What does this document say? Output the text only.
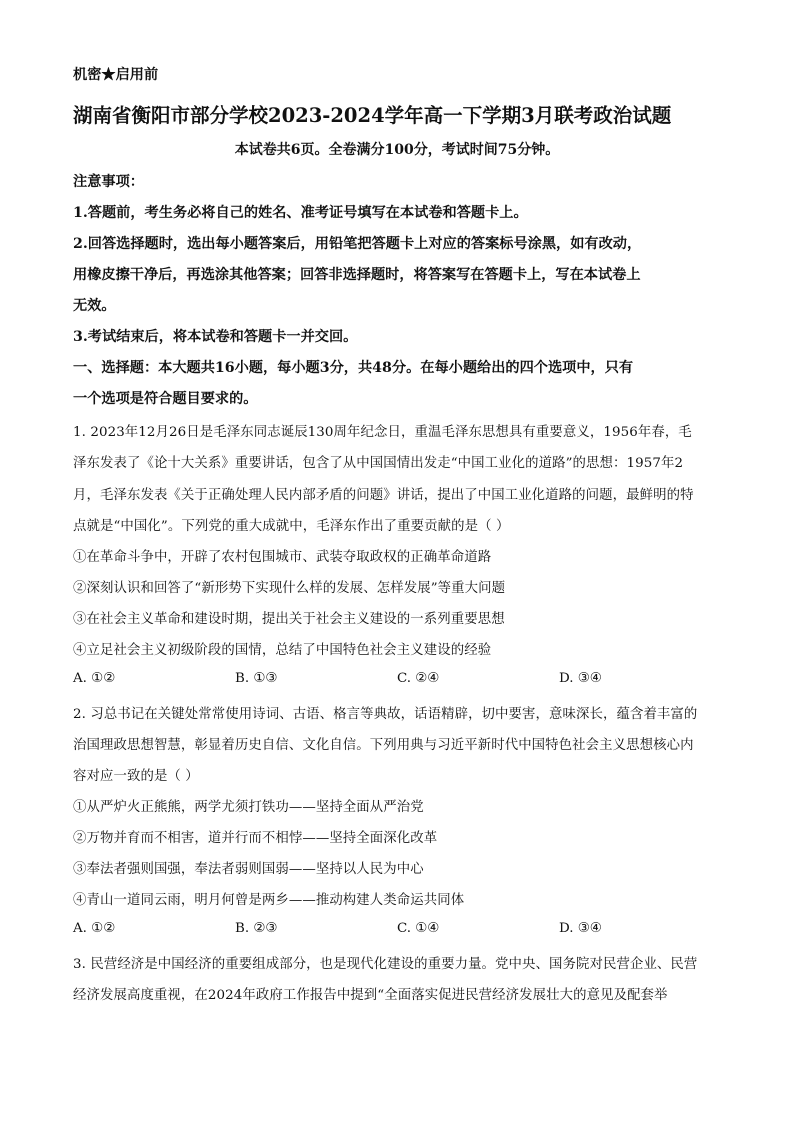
机密★启用前
湖南省衡阳市部分学校2023-2024学年高一下学期3月联考政治试题
本试卷共6页。全卷满分100分，考试时间75分钟。
注意事项：
1.答题前，考生务必将自己的姓名、准考证号填写在本试卷和答题卡上。
2.回答选择题时，选出每小题答案后，用铅笔把答题卡上对应的答案标号涂黑，如有改动，
用橡皮擦干净后，再选涂其他答案；回答非选择题时，将答案写在答题卡上，写在本试卷上
无效。
3.考试结束后，将本试卷和答题卡一并交回。
一、选择题：本大题共16小题，每小题3分，共48分。在每小题给出的四个选项中，只有
一个选项是符合题目要求的。
1. 2023年12月26日是毛泽东同志诞辰130周年纪念日，重温毛泽东思想具有重要意义，1956年春，毛
泽东发表了《论十大关系》重要讲话，包含了从中国国情出发走“中国工业化的道路”的思想：1957年2
月，毛泽东发表《关于正确处理人民内部矛盾的问题》讲话，提出了中国工业化道路的问题，最鲜明的特
点就是“中国化”。下列党的重大成就中，毛泽东作出了重要贡献的是（ ）
①在革命斗争中，开辟了农村包围城市、武装夺取政权的正确革命道路
②深刻认识和回答了“新形势下实现什么样的发展、怎样发展”等重大问题
③在社会主义革命和建设时期，提出关于社会主义建设的一系列重要思想
④立足社会主义初级阶段的国情，总结了中国特色社会主义建设的经验
A. ①②	B. ①③	C. ②④	D. ③④
2. 习总书记在关键处常常使用诗词、古语、格言等典故，话语精辟，切中要害，意味深长，蕴含着丰富的
治国理政思想智慧，彰显着历史自信、文化自信。下列用典与习近平新时代中国特色社会主义思想核心内
容对应一致的是（ ）
①从严炉火正熊熊，两学尤须打铁功——坚持全面从严治党
②万物并育而不相害，道并行而不相悖——坚持全面深化改革
③奉法者强则国强，奉法者弱则国弱——坚持以人民为中心
④青山一道同云雨，明月何曾是两乡——推动构建人类命运共同体
A. ①②	B. ②③	C. ①④	D. ③④
3. 民营经济是中国经济的重要组成部分，也是现代化建设的重要力量。党中央、国务院对民营企业、民营
经济发展高度重视，在2024年政府工作报告中提到“全面落实促进民营经济发展壮大的意见及配套举
